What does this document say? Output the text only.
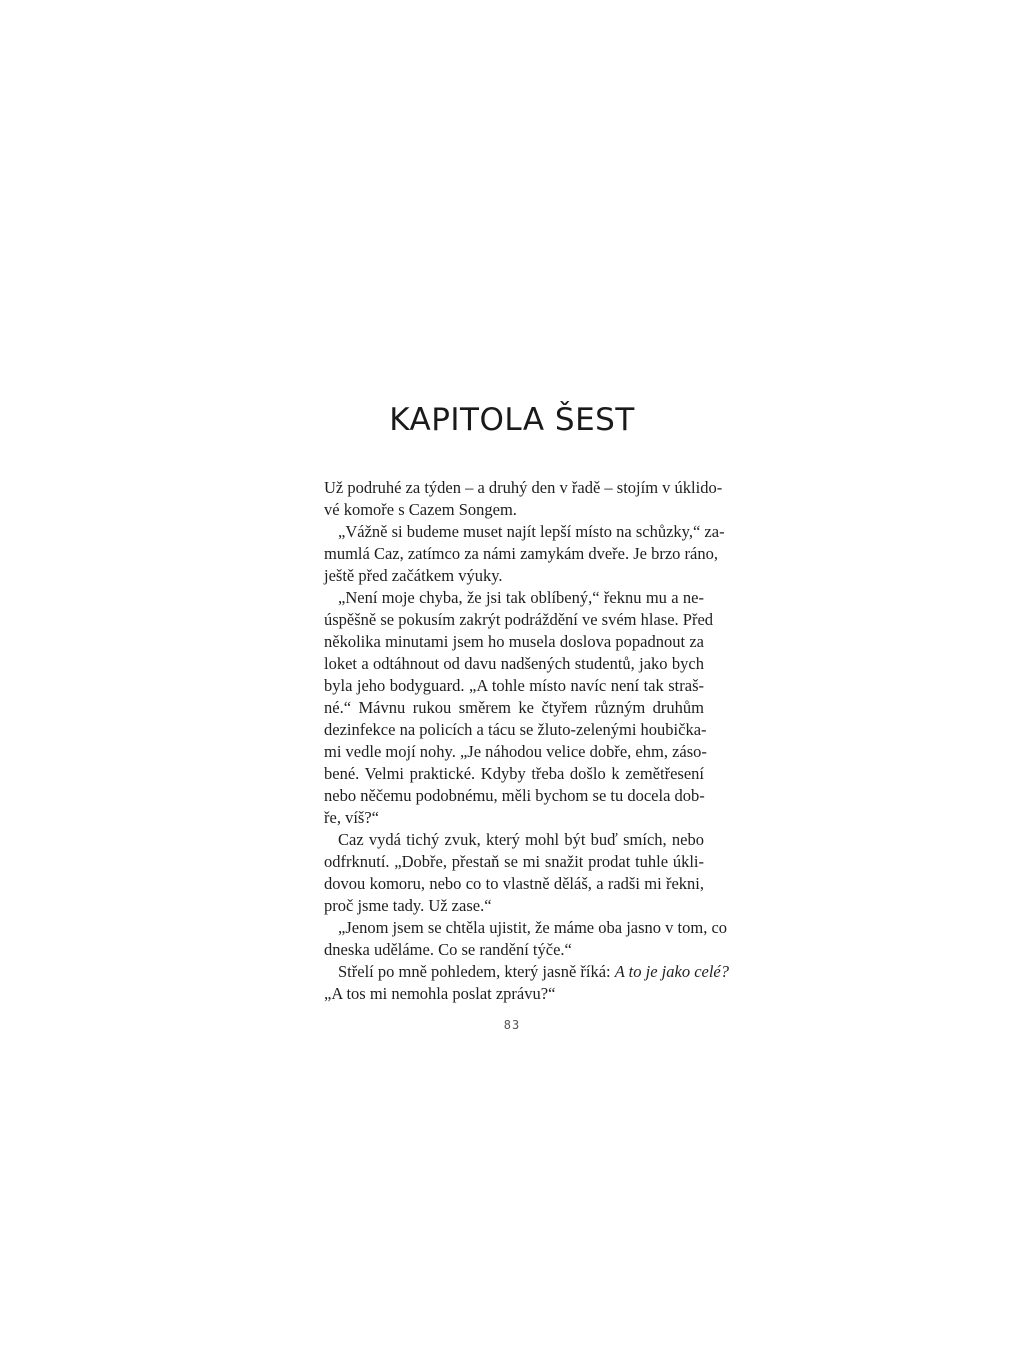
KAPITOLA ŠEST
Už podruhé za týden – a druhý den v řadě – stojím v úklido-
vé komoře s Cazem Songem.
„Vážně si budeme muset najít lepší místo na schůzky,“ za-
mumlá Caz, zatímco za námi zamykám dveře. Je brzo ráno,
ještě před začátkem výuky.
„Není moje chyba, že jsi tak oblíbený,“ řeknu mu a ne-
úspěšně se pokusím zakrýt podráždění ve svém hlase. Před
několika minutami jsem ho musela doslova popadnout za
loket a odtáhnout od davu nadšených studentů, jako bych
byla jeho bodyguard. „A tohle místo navíc není tak straš-
né.“ Mávnu rukou směrem ke čtyřem různým druhům
dezinfekce na policích a tácu se žluto-zelenými houbička-
mi vedle mojí nohy. „Je náhodou velice dobře, ehm, záso-
bené. Velmi praktické. Kdyby třeba došlo k zemětřesení
nebo něčemu podobnému, měli bychom se tu docela dob-
ře, víš?“
Caz vydá tichý zvuk, který mohl být buď smích, nebo
odfrknutí. „Dobře, přestaň se mi snažit prodat tuhle úkli-
dovou komoru, nebo co to vlastně děláš, a radši mi řekni,
proč jsme tady. Už zase.“
„Jenom jsem se chtěla ujistit, že máme oba jasno v tom, co
dneska uděláme. Co se randění týče.“
Střelí po mně pohledem, který jasně říká: A to je jako celé?
„A tos mi nemohla poslat zprávu?“
83
